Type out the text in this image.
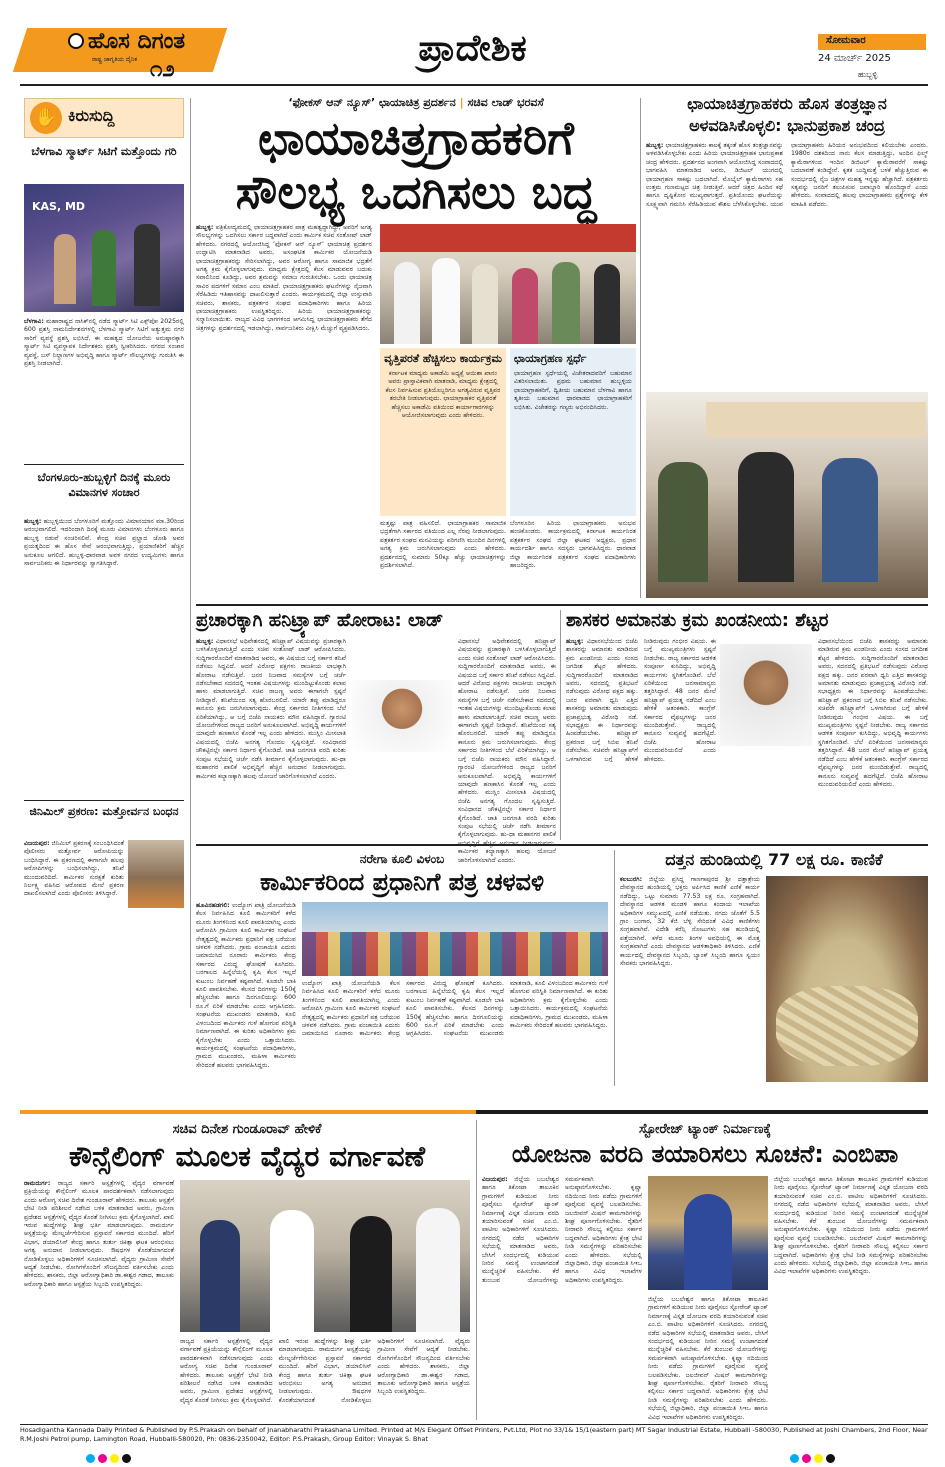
ಹೊಸ ದಿಗಂತ
ರಾಷ್ಟ್ರ ಜಾಗೃತಿಯ ದೈನಿಕ ೧೨
ಪ್ರಾದೇಶಿಕ	ಸೋಮವಾರ
24 ಮಾರ್ಚ್ 2025
ಹುಬ್ಬಳ್ಳಿ
✋ ಕಿರುಸುದ್ದಿ
ಬೆಳಗಾವಿ ಸ್ಮಾರ್ಟ್ ಸಿಟಿಗೆ ಮತ್ತೊಂದು ಗರಿ
KAS, MD
ಬೆಳಗಾವಿ: ಮಹಾರಾಷ್ಟ್ರದ ನಾಸಿಕ್‌ನಲ್ಲಿ ನಡೆದ ಸ್ಮಾರ್ಟ್ ಸಿಟಿ ಎಕ್ಸ್‌ಪೋ 2025ರಲ್ಲಿ 600 ಪ್ರಶಸ್ತಿ ನಾಮನಿರ್ದೇಶನಗಳಲ್ಲಿ ಬೆಳಗಾವಿ ಸ್ಮಾರ್ಟ್ ಸಿಟಿಗೆ ಅತ್ಯುತ್ತಮ ನಗರ ಸಾರಿಗೆ ವ್ಯವಸ್ಥೆ ಪ್ರಶಸ್ತಿ ಲಭಿಸಿದೆ. ಈ ಮಹತ್ವದ ಯೋಜನೆಯ ಅನುಷ್ಠಾನಕ್ಕಾಗಿ ಸ್ಮಾರ್ಟ್ ಸಿಟಿ ವ್ಯವಸ್ಥಾಪಕ ನಿರ್ದೇಶಕರು ಪ್ರಶಸ್ತಿ ಸ್ವೀಕರಿಸಿದರು. ನಗರದ ಸಂಚಾರ ವ್ಯವಸ್ಥೆ, ಬಸ್ ನಿಲ್ದಾಣಗಳ ಅಭಿವೃದ್ಧಿ ಹಾಗೂ ಸ್ಮಾರ್ಟ್ ಸೌಲಭ್ಯಗಳನ್ನು ಗುರುತಿಸಿ ಈ ಪ್ರಶಸ್ತಿ ನೀಡಲಾಗಿದೆ.
ಬೆಂಗಳೂರು-ಹುಬ್ಬಳ್ಳಿಗೆ ದಿನಕ್ಕೆ ಮೂರು ವಿಮಾನಗಳ ಸಂಚಾರ
ಹುಬ್ಬಳ್ಳಿ: ಹುಬ್ಬಳ್ಳಿಯಿಂದ ಬೆಂಗಳೂರಿಗೆ ಮತ್ತೊಂದು ವಿಮಾನಯಾನ ಮಾ.30ರಿಂದ ಆರಂಭವಾಗಲಿದೆ. ಇದರಿಂದಾಗಿ ದಿನಕ್ಕೆ ಮೂರು ವಿಮಾನಗಳು ಬೆಂಗಳೂರು ಹಾಗೂ ಹುಬ್ಬಳ್ಳಿ ನಡುವೆ ಸಂಚರಿಸಲಿವೆ. ಕೇಂದ್ರ ಸಚಿವ ಪ್ರಲ್ಹಾದ ಜೋಶಿ ಅವರ ಪ್ರಯತ್ನದಿಂದ ಈ ಹೊಸ ಸೇವೆ ಆರಂಭವಾಗುತ್ತಿದ್ದು, ಪ್ರಯಾಣಿಕರಿಗೆ ಹೆಚ್ಚಿನ ಅನುಕೂಲ ಆಗಲಿದೆ. ಹುಬ್ಬಳ್ಳಿ-ಧಾರವಾಡ ಅವಳಿ ನಗರದ ಉದ್ಯಮಿಗಳು ಹಾಗೂ ಸಾರ್ವಜನಿಕರು ಈ ನಿರ್ಧಾರವನ್ನು ಸ್ವಾಗತಿಸಿದ್ದಾರೆ.
ಜಿನಿಮಿಲ್ ಪ್ರಕರಣ: ಮತ್ತೋರ್ವನ ಬಂಧನ
ವಿಜಯಪುರ: ಜಿನಿಮಿಲ್ ಪ್ರಕರಣಕ್ಕೆ ಸಂಬಂಧಿಸಿದಂತೆ ಪೊಲೀಸರು ಮತ್ತೋರ್ವ ಆರೋಪಿಯನ್ನು ಬಂಧಿಸಿದ್ದಾರೆ. ಈ ಪ್ರಕರಣದಲ್ಲಿ ಈಗಾಗಲೇ ಹಲವು ಆರೋಪಿಗಳನ್ನು ಬಂಧಿಸಲಾಗಿದ್ದು, ತನಿಖೆ ಮುಂದುವರಿದಿದೆ. ಕಾರ್ಮಿಕರ ಸುರಕ್ಷತೆ ಕುರಿತು ನಿರ್ಲಕ್ಷ್ಯ ವಹಿಸಿದ ಆರೋಪದ ಮೇಲೆ ಪ್ರಕರಣ ದಾಖಲಿಸಲಾಗಿದೆ ಎಂದು ಪೊಲೀಸರು ತಿಳಿಸಿದ್ದಾರೆ.
‘ಫೋಕಸ್ ಆನ್ ನ್ಯೂಸ್’ ಛಾಯಾಚಿತ್ರ ಪ್ರದರ್ಶನ | ಸಚಿವ ಲಾಡ್ ಭರವಸೆ
ಛಾಯಾಚಿತ್ರಗ್ರಾಹಕರಿಗೆ
ಸೌಲಭ್ಯ ಒದಗಿಸಲು ಬದ್ಧ
ಹುಬ್ಬಳ್ಳಿ: ಪತ್ರಿಕೋದ್ಯಮದಲ್ಲಿ ಛಾಯಾಚಿತ್ರಗ್ರಾಹಕರ ಪಾತ್ರ ಮಹತ್ವದ್ದಾಗಿದ್ದು, ಅವರಿಗೆ ಅಗತ್ಯ ಸೌಲಭ್ಯಗಳನ್ನು ಒದಗಿಸಲು ಸರ್ಕಾರ ಬದ್ಧವಾಗಿದೆ ಎಂದು ಕಾರ್ಮಿಕ ಸಚಿವ ಸಂತೋಷ್ ಲಾಡ್ ಹೇಳಿದರು. ನಗರದಲ್ಲಿ ಆಯೋಜಿಸಿದ್ದ ‘ಫೋಕಸ್ ಆನ್ ನ್ಯೂಸ್’ ಛಾಯಾಚಿತ್ರ ಪ್ರದರ್ಶನ ಉದ್ಘಾಟಿಸಿ ಮಾತನಾಡಿದ ಅವರು, ಅಸಂಘಟಿತ ಕಾರ್ಮಿಕರ ಯೋಜನೆಯಡಿ ಛಾಯಾಚಿತ್ರಗ್ರಾಹಕರನ್ನು ಸೇರಿಸಲಾಗಿದ್ದು, ಅವರ ಆರೋಗ್ಯ ಹಾಗೂ ಸಾಮಾಜಿಕ ಭದ್ರತೆಗೆ ಅಗತ್ಯ ಕ್ರಮ ಕೈಗೊಳ್ಳಲಾಗುವುದು. ಮಾಧ್ಯಮ ಕ್ಷೇತ್ರದಲ್ಲಿ ಕೆಲಸ ಮಾಡುವವರ ಬದುಕು ಸವಾಲಿನಿಂದ ಕೂಡಿದ್ದು, ಅವರ ಶ್ರಮವನ್ನು ಸಮಾಜ ಗುರುತಿಸಬೇಕು. ಒಂದು ಛಾಯಾಚಿತ್ರ ಸಾವಿರ ಪದಗಳಿಗೆ ಸಮಾನ ಎಂಬ ಮಾತಿದೆ. ಛಾಯಾಚಿತ್ರಗ್ರಾಹಕರು ಘಟನೆಗಳನ್ನು ನೈಜವಾಗಿ ಸೆರೆಹಿಡಿದು ಇತಿಹಾಸವನ್ನು ದಾಖಲಿಸುತ್ತಾರೆ ಎಂದರು. ಕಾರ್ಯಕ್ರಮದಲ್ಲಿ ಜಿಲ್ಲಾ ಉಸ್ತುವಾರಿ ಸಚಿವರು, ಶಾಸಕರು, ಪತ್ರಕರ್ತರ ಸಂಘದ ಪದಾಧಿಕಾರಿಗಳು ಹಾಗೂ ಹಿರಿಯ ಛಾಯಾಚಿತ್ರಗ್ರಾಹಕರು ಉಪಸ್ಥಿತರಿದ್ದರು. ಹಿರಿಯ ಛಾಯಾಚಿತ್ರಗ್ರಾಹಕರನ್ನು ಸನ್ಮಾನಿಸಲಾಯಿತು. ರಾಜ್ಯದ ವಿವಿಧ ಭಾಗಗಳಿಂದ ಆಗಮಿಸಿದ್ದ ಛಾಯಾಚಿತ್ರಗ್ರಾಹಕರು ತೆಗೆದ ಚಿತ್ರಗಳನ್ನು ಪ್ರದರ್ಶನದಲ್ಲಿ ಇಡಲಾಗಿದ್ದು, ಸಾರ್ವಜನಿಕರು ವೀಕ್ಷಿಸಿ ಮೆಚ್ಚುಗೆ ವ್ಯಕ್ತಪಡಿಸಿದರು.
ವೃತ್ತಿಪರತೆ ಹೆಚ್ಚಿಸಲು ಕಾರ್ಯಕ್ರಮ
ಕರ್ನಾಟಕ ಮಾಧ್ಯಮ ಅಕಾಡೆಮಿ ಅಧ್ಯಕ್ಷೆ ಆಯಿಶಾ ಖಾನಂ ಅವರು ಪ್ರಾಸ್ತಾವಿಕವಾಗಿ ಮಾತನಾಡಿ, ಮಾಧ್ಯಮ ಕ್ಷೇತ್ರದಲ್ಲಿ ಕೆಲಸ ನಿರ್ವಹಿಸುವ ಪ್ರತಿಯೊಬ್ಬರಿಗೂ ಅಗತ್ಯವಿರುವ ವೃತ್ತಿಪರ ತರಬೇತಿ ನೀಡಲಾಗುವುದು. ಛಾಯಾಗ್ರಾಹಕರ ವೃತ್ತಿಪರತೆ ಹೆಚ್ಚಿಸಲು ಅಕಾಡೆಮಿ ವತಿಯಿಂದ ಕಾರ್ಯಾಗಾರಗಳನ್ನು ಆಯೋಜಿಸಲಾಗುವುದು ಎಂದು ಹೇಳಿದರು.
ಛಾಯಾಗ್ರಹಣ ಸ್ಪರ್ಧೆ
ಛಾಯಾಗ್ರಹಣ ಸ್ಪರ್ಧೆಯಲ್ಲಿ ವಿಜೇತರಾದವರಿಗೆ ಬಹುಮಾನ ವಿತರಿಸಲಾಯಿತು. ಪ್ರಥಮ ಬಹುಮಾನ ಹುಬ್ಬಳ್ಳಿಯ ಛಾಯಾಗ್ರಾಹಕರಿಗೆ, ದ್ವಿತೀಯ ಬಹುಮಾನ ಬೆಳಗಾವಿ ಹಾಗೂ ತೃತೀಯ ಬಹುಮಾನ ಧಾರವಾಡದ ಛಾಯಾಗ್ರಾಹಕರಿಗೆ ಲಭಿಸಿತು. ವಿಜೇತರನ್ನು ಗಣ್ಯರು ಅಭಿನಂದಿಸಿದರು.
ಮತ್ತಷ್ಟು ಪಾತ್ರ ವಹಿಸಲಿದೆ. ಛಾಯಾಗ್ರಾಹಕರ ಸಾಮಾಜಿಕ ಭದ್ರತೆಗಾಗಿ ಸರ್ಕಾರದ ವತಿಯಿಂದ ಎಲ್ಲ ನೆರವು ನೀಡಲಾಗುವುದು. ಪತ್ರಕರ್ತರ ಸಂಘದ ಮನವಿಯನ್ನು ಪರಿಗಣಿಸಿ ಮುಂದಿನ ದಿನಗಳಲ್ಲಿ ಅಗತ್ಯ ಕ್ರಮ ಜರುಗಿಸಲಾಗುವುದು ಎಂದು ಹೇಳಿದರು. ಪ್ರದರ್ಶನದಲ್ಲಿ ಸುಮಾರು 50ಕ್ಕೂ ಹೆಚ್ಚು ಛಾಯಾಚಿತ್ರಗಳನ್ನು ಪ್ರದರ್ಶಿಸಲಾಗಿದೆ.
ಬೆಂಗಳೂರಿನ ಹಿರಿಯ ಛಾಯಾಗ್ರಾಹಕರು ಅನುಭವ ಹಂಚಿಕೊಂಡರು. ಕಾರ್ಯಕ್ರಮದಲ್ಲಿ ಕರ್ನಾಟಕ ಕಾರ್ಯನಿರತ ಪತ್ರಕರ್ತರ ಸಂಘದ ಜಿಲ್ಲಾ ಘಟಕದ ಅಧ್ಯಕ್ಷರು, ಪ್ರಧಾನ ಕಾರ್ಯದರ್ಶಿ ಹಾಗೂ ಸದಸ್ಯರು ಭಾಗವಹಿಸಿದ್ದರು. ಧಾರವಾಡ ಜಿಲ್ಲಾ ಕಾರ್ಯನಿರತ ಪತ್ರಕರ್ತರ ಸಂಘದ ಪದಾಧಿಕಾರಿಗಳು ಹಾಜರಿದ್ದರು.
ಛಾಯಾಚಿತ್ರಗ್ರಾಹಕರು ಹೊಸ ತಂತ್ರಜ್ಞಾನ
ಅಳವಡಿಸಿಕೊಳ್ಳಲಿ: ಭಾನುಪ್ರಕಾಶ ಚಂದ್ರ
ಹುಬ್ಬಳ್ಳಿ: ಛಾಯಾಚಿತ್ರಗ್ರಾಹಕರು ಕಾಲಕ್ಕೆ ತಕ್ಕಂತೆ ಹೊಸ ತಂತ್ರಜ್ಞಾನವನ್ನು ಅಳವಡಿಸಿಕೊಳ್ಳಬೇಕು ಎಂದು ಹಿರಿಯ ಛಾಯಾಚಿತ್ರಗ್ರಾಹಕ ಭಾನುಪ್ರಕಾಶ ಚಂದ್ರ ಹೇಳಿದರು. ಪ್ರದರ್ಶನದ ಅಂಗವಾಗಿ ಆಯೋಜಿಸಿದ್ದ ಸಂವಾದದಲ್ಲಿ ಭಾಗವಹಿಸಿ ಮಾತನಾಡಿದ ಅವರು, ಡಿಜಿಟಲ್ ಯುಗದಲ್ಲಿ ಛಾಯಾಗ್ರಹಣ ಸಾಕಷ್ಟು ಬದಲಾಗಿದೆ. ಮೊಬೈಲ್ ಕ್ಯಾಮೆರಾಗಳು ಸಹ ಉತ್ತಮ ಗುಣಮಟ್ಟದ ಚಿತ್ರ ನೀಡುತ್ತಿವೆ. ಆದರೆ ಚಿತ್ರದ ಹಿಂದಿನ ಕಥೆ ಹಾಗೂ ದೃಷ್ಟಿಕೋನ ಮುಖ್ಯವಾಗುತ್ತದೆ. ಪ್ರತಿಯೊಂದು ಘಟನೆಯನ್ನು ಸೂಕ್ಷ್ಮವಾಗಿ ಗಮನಿಸಿ ಸೆರೆಹಿಡಿಯುವ ಕೌಶಲ ಬೆಳೆಸಿಕೊಳ್ಳಬೇಕು. ಯುವ ಛಾಯಾಗ್ರಾಹಕರು ಹಿರಿಯರ ಅನುಭವದಿಂದ ಕಲಿಯಬೇಕು ಎಂದರು. 1980ರ ದಶಕದಿಂದ ನಾನು ಕೆಲಸ ಮಾಡುತ್ತಿದ್ದು, ಅಂದಿನ ಫಿಲ್ಮ್ ಕ್ಯಾಮೆರಾಗಳಿಂದ ಇಂದಿನ ಡಿಜಿಟಲ್ ಕ್ಯಾಮೆರಾವರೆಗೆ ಸಾಕಷ್ಟು ಬದಲಾವಣೆ ಕಂಡಿದ್ದೇನೆ. ಕೃತಕ ಬುದ್ಧಿಮತ್ತೆ ಬಳಕೆ ಹೆಚ್ಚುತ್ತಿರುವ ಈ ಸಂದರ್ಭದಲ್ಲಿ ನೈಜ ಚಿತ್ರಗಳ ಮಹತ್ವ ಇನ್ನಷ್ಟು ಹೆಚ್ಚಾಗಿದೆ. ಪತ್ರಕರ್ತರು ಸತ್ಯವನ್ನು ಜನರಿಗೆ ತಲುಪಿಸುವ ಜವಾಬ್ದಾರಿ ಹೊಂದಿದ್ದಾರೆ ಎಂದು ಹೇಳಿದರು. ಸಂವಾದದಲ್ಲಿ ಹಲವು ಛಾಯಾಗ್ರಾಹಕರು ಪ್ರಶ್ನೆಗಳನ್ನು ಕೇಳಿ ಮಾಹಿತಿ ಪಡೆದರು.
ಪ್ರಚಾರಕ್ಕಾಗಿ ಹನಿಟ್ರ್ಯಾಪ್ ಹೋರಾಟ: ಲಾಡ್
ಹುಬ್ಬಳ್ಳಿ: ವಿಧಾನಸಭೆ ಅಧಿವೇಶನದಲ್ಲಿ ಹನಿಟ್ರ್ಯಾಪ್ ವಿಷಯವನ್ನು ಪ್ರಚಾರಕ್ಕಾಗಿ ಬಳಸಿಕೊಳ್ಳಲಾಗುತ್ತಿದೆ ಎಂದು ಸಚಿವ ಸಂತೋಷ್ ಲಾಡ್ ಆರೋಪಿಸಿದರು. ಸುದ್ದಿಗಾರರೊಂದಿಗೆ ಮಾತನಾಡಿದ ಅವರು, ಈ ವಿಷಯದ ಬಗ್ಗೆ ಸರ್ಕಾರ ತನಿಖೆ ನಡೆಸಲು ಸಿದ್ಧವಿದೆ. ಆದರೆ ವಿರೋಧ ಪಕ್ಷಗಳು ರಾಜಕೀಯ ಲಾಭಕ್ಕಾಗಿ ಹೋರಾಟ ನಡೆಸುತ್ತಿವೆ. ಜನರ ನಿಜವಾದ ಸಮಸ್ಯೆಗಳ ಬಗ್ಗೆ ಚರ್ಚೆ ನಡೆಸಬೇಕಾದ ಸದನದಲ್ಲಿ ಇಂತಹ ವಿಷಯಗಳನ್ನು ಮುಂದಿಟ್ಟುಕೊಂಡು ಕಲಾಪ ಹಾಳು ಮಾಡಲಾಗುತ್ತಿದೆ. ಸಚಿವ ರಾಜಣ್ಣ ಅವರು ಈಗಾಗಲೇ ಸ್ಪಷ್ಟನೆ ನೀಡಿದ್ದಾರೆ. ತನಿಖೆಯಿಂದ ಸತ್ಯ ಹೊರಬರಲಿದೆ. ಯಾರೇ ತಪ್ಪು ಮಾಡಿದ್ದರೂ ಕಾನೂನು ಕ್ರಮ ಜರುಗಿಸಲಾಗುವುದು. ಕೇಂದ್ರ ಸರ್ಕಾರದ ನೀತಿಗಳಿಂದ ಬೆಲೆ ಏರಿಕೆಯಾಗಿದ್ದು, ಆ ಬಗ್ಗೆ ಬಿಜೆಪಿ ನಾಯಕರು ಮೌನ ವಹಿಸಿದ್ದಾರೆ. ಗ್ಯಾರಂಟಿ ಯೋಜನೆಗಳಿಂದ ರಾಜ್ಯದ ಜನರಿಗೆ ಅನುಕೂಲವಾಗಿದೆ. ಅಭಿವೃದ್ಧಿ ಕಾರ್ಯಗಳಿಗೆ ಯಾವುದೇ ಹಣಕಾಸಿನ ಕೊರತೆ ಇಲ್ಲ ಎಂದು ಹೇಳಿದರು. ಮುಸ್ಲಿಂ ಮೀಸಲಾತಿ ವಿಷಯದಲ್ಲಿ ಬಿಜೆಪಿ ಅನಗತ್ಯ ಗೊಂದಲ ಸೃಷ್ಟಿಸುತ್ತಿದೆ. ಸಂವಿಧಾನದ ಚೌಕಟ್ಟಿನಲ್ಲೇ ಸರ್ಕಾರ ನಿರ್ಧಾರ ಕೈಗೊಂಡಿದೆ. ಜಾತಿ ಜನಗಣತಿ ವರದಿ ಕುರಿತು ಸಂಪುಟ ಸಭೆಯಲ್ಲಿ ಚರ್ಚೆ ನಡೆಸಿ ತೀರ್ಮಾನ ಕೈಗೊಳ್ಳಲಾಗುವುದು. ಹು-ಧಾ ಮಹಾನಗರ ಪಾಲಿಕೆ ಅಭಿವೃದ್ಧಿಗೆ ಹೆಚ್ಚಿನ ಅನುದಾನ ನೀಡಲಾಗುವುದು. ಕಾರ್ಮಿಕರ ಕಲ್ಯಾಣಕ್ಕಾಗಿ ಹಲವು ಯೋಜನೆ ಜಾರಿಗೊಳಿಸಲಾಗಿದೆ ಎಂದರು.
ವಿಧಾನಸಭೆ ಅಧಿವೇಶನದಲ್ಲಿ ಹನಿಟ್ರ್ಯಾಪ್ ವಿಷಯವನ್ನು ಪ್ರಚಾರಕ್ಕಾಗಿ ಬಳಸಿಕೊಳ್ಳಲಾಗುತ್ತಿದೆ ಎಂದು ಸಚಿವ ಸಂತೋಷ್ ಲಾಡ್ ಆರೋಪಿಸಿದರು. ಸುದ್ದಿಗಾರರೊಂದಿಗೆ ಮಾತನಾಡಿದ ಅವರು, ಈ ವಿಷಯದ ಬಗ್ಗೆ ಸರ್ಕಾರ ತನಿಖೆ ನಡೆಸಲು ಸಿದ್ಧವಿದೆ. ಆದರೆ ವಿರೋಧ ಪಕ್ಷಗಳು ರಾಜಕೀಯ ಲಾಭಕ್ಕಾಗಿ ಹೋರಾಟ ನಡೆಸುತ್ತಿವೆ. ಜನರ ನಿಜವಾದ ಸಮಸ್ಯೆಗಳ ಬಗ್ಗೆ ಚರ್ಚೆ ನಡೆಸಬೇಕಾದ ಸದನದಲ್ಲಿ ಇಂತಹ ವಿಷಯಗಳನ್ನು ಮುಂದಿಟ್ಟುಕೊಂಡು ಕಲಾಪ ಹಾಳು ಮಾಡಲಾಗುತ್ತಿದೆ. ಸಚಿವ ರಾಜಣ್ಣ ಅವರು ಈಗಾಗಲೇ ಸ್ಪಷ್ಟನೆ ನೀಡಿದ್ದಾರೆ. ತನಿಖೆಯಿಂದ ಸತ್ಯ ಹೊರಬರಲಿದೆ. ಯಾರೇ ತಪ್ಪು ಮಾಡಿದ್ದರೂ ಕಾನೂನು ಕ್ರಮ ಜರುಗಿಸಲಾಗುವುದು. ಕೇಂದ್ರ ಸರ್ಕಾರದ ನೀತಿಗಳಿಂದ ಬೆಲೆ ಏರಿಕೆಯಾಗಿದ್ದು, ಆ ಬಗ್ಗೆ ಬಿಜೆಪಿ ನಾಯಕರು ಮೌನ ವಹಿಸಿದ್ದಾರೆ. ಗ್ಯಾರಂಟಿ ಯೋಜನೆಗಳಿಂದ ರಾಜ್ಯದ ಜನರಿಗೆ ಅನುಕೂಲವಾಗಿದೆ. ಅಭಿವೃದ್ಧಿ ಕಾರ್ಯಗಳಿಗೆ ಯಾವುದೇ ಹಣಕಾಸಿನ ಕೊರತೆ ಇಲ್ಲ ಎಂದು ಹೇಳಿದರು. ಮುಸ್ಲಿಂ ಮೀಸಲಾತಿ ವಿಷಯದಲ್ಲಿ ಬಿಜೆಪಿ ಅನಗತ್ಯ ಗೊಂದಲ ಸೃಷ್ಟಿಸುತ್ತಿದೆ. ಸಂವಿಧಾನದ ಚೌಕಟ್ಟಿನಲ್ಲೇ ಸರ್ಕಾರ ನಿರ್ಧಾರ ಕೈಗೊಂಡಿದೆ. ಜಾತಿ ಜನಗಣತಿ ವರದಿ ಕುರಿತು ಸಂಪುಟ ಸಭೆಯಲ್ಲಿ ಚರ್ಚೆ ನಡೆಸಿ ತೀರ್ಮಾನ ಕೈಗೊಳ್ಳಲಾಗುವುದು. ಹು-ಧಾ ಮಹಾನಗರ ಪಾಲಿಕೆ ಕಾರ್ಮಿಕರ ಕಲ್ಯಾಣಕ್ಕಾಗಿ ಹಲವು ಯೋಜನೆ ಜಾರಿಗೊಳಿಸಲಾಗಿದೆ ಎಂದರು.
ಶಾಸಕರ ಅಮಾನತು ಕ್ರಮ ಖಂಡನೀಯ: ಶೆಟ್ಟರ
ಹುಬ್ಬಳ್ಳಿ: ವಿಧಾನಸಭೆಯಿಂದ ಬಿಜೆಪಿ ಶಾಸಕರನ್ನು ಅಮಾನತು ಮಾಡಿರುವ ಕ್ರಮ ಖಂಡನೀಯ ಎಂದು ಸಂಸದ ಜಗದೀಶ ಶೆಟ್ಟರ ಹೇಳಿದರು. ಸುದ್ದಿಗಾರರೊಂದಿಗೆ ಮಾತನಾಡಿದ ಅವರು, ಸದನದಲ್ಲಿ ಪ್ರತಿಭಟನೆ ನಡೆಸುವುದು ವಿರೋಧ ಪಕ್ಷದ ಹಕ್ಕು. ಜನರ ಪರವಾಗಿ ಧ್ವನಿ ಎತ್ತಿದ ಶಾಸಕರನ್ನು ಅಮಾನತು ಮಾಡುವುದು ಪ್ರಜಾಪ್ರಭುತ್ವ ವಿರೋಧಿ ನಡೆ. ಸಭಾಧ್ಯಕ್ಷರು ಈ ನಿರ್ಧಾರವನ್ನು ಹಿಂಪಡೆಯಬೇಕು. ಹನಿಟ್ರ್ಯಾಪ್ ಪ್ರಕರಣದ ಬಗ್ಗೆ ಸಿಬಿಐ ತನಿಖೆ ನಡೆಸಬೇಕು. ಸಚಿವರೇ ಹನಿಟ್ರ್ಯಾಪ್‌ಗೆ ಒಳಗಾಗಿರುವ ಬಗ್ಗೆ ಹೇಳಿಕೆ ನೀಡಿರುವುದು ಗಂಭೀರ ವಿಷಯ. ಈ ಬಗ್ಗೆ ಮುಖ್ಯಮಂತ್ರಿಗಳು ಸ್ಪಷ್ಟನೆ ನೀಡಬೇಕು. ರಾಜ್ಯ ಸರ್ಕಾರದ ಆಡಳಿತ ಸಂಪೂರ್ಣ ಕುಸಿದಿದ್ದು, ಅಭಿವೃದ್ಧಿ ಕಾರ್ಯಗಳು ಸ್ಥಗಿತಗೊಂಡಿವೆ. ಬೆಲೆ ಏರಿಕೆಯಿಂದ ಜನಸಾಮಾನ್ಯರು ತತ್ತರಿಸಿದ್ದಾರೆ. 48 ಜನರ ಮೇಲೆ ಹನಿಟ್ರ್ಯಾಪ್ ಪ್ರಯತ್ನ ನಡೆದಿದೆ ಎಂಬ ಹೇಳಿಕೆ ಆತಂಕಕಾರಿ. ಕಾಂಗ್ರೆಸ್ ಸರ್ಕಾರದ ವೈಫಲ್ಯಗಳನ್ನು ಜನರ ಮುಂದಿಡುತ್ತೇವೆ. ರಾಜ್ಯದಲ್ಲಿ ಕಾನೂನು ಸುವ್ಯವಸ್ಥೆ ಹದಗೆಟ್ಟಿದೆ. ಬಿಜೆಪಿ ಹೋರಾಟ ಮುಂದುವರಿಯಲಿದೆ ಎಂದು ಹೇಳಿದರು.
ವಿಧಾನಸಭೆಯಿಂದ ಬಿಜೆಪಿ ಶಾಸಕರನ್ನು ಅಮಾನತು ಮಾಡಿರುವ ಕ್ರಮ ಖಂಡನೀಯ ಎಂದು ಸಂಸದ ಜಗದೀಶ ಶೆಟ್ಟರ ಹೇಳಿದರು. ಸುದ್ದಿಗಾರರೊಂದಿಗೆ ಮಾತನಾಡಿದ ಅವರು, ಸದನದಲ್ಲಿ ಪ್ರತಿಭಟನೆ ನಡೆಸುವುದು ವಿರೋಧ ಪಕ್ಷದ ಹಕ್ಕು. ಜನರ ಪರವಾಗಿ ಧ್ವನಿ ಎತ್ತಿದ ಶಾಸಕರನ್ನು ಅಮಾನತು ಮಾಡುವುದು ಪ್ರಜಾಪ್ರಭುತ್ವ ವಿರೋಧಿ ನಡೆ. ಸಭಾಧ್ಯಕ್ಷರು ಈ ನಿರ್ಧಾರವನ್ನು ಹಿಂಪಡೆಯಬೇಕು. ಹನಿಟ್ರ್ಯಾಪ್ ಪ್ರಕರಣದ ಬಗ್ಗೆ ಸಿಬಿಐ ತನಿಖೆ ನಡೆಸಬೇಕು. ಸಚಿವರೇ ಹನಿಟ್ರ್ಯಾಪ್‌ಗೆ ಒಳಗಾಗಿರುವ ಬಗ್ಗೆ ಹೇಳಿಕೆ ನೀಡಿರುವುದು ಗಂಭೀರ ವಿಷಯ. ಈ ಬಗ್ಗೆ ಮುಖ್ಯಮಂತ್ರಿಗಳು ಸ್ಪಷ್ಟನೆ ನೀಡಬೇಕು. ರಾಜ್ಯ ಸರ್ಕಾರದ ಆಡಳಿತ ಸಂಪೂರ್ಣ ಕುಸಿದಿದ್ದು, ಅಭಿವೃದ್ಧಿ ಕಾರ್ಯಗಳು ಸ್ಥಗಿತಗೊಂಡಿವೆ. ಬೆಲೆ ಏರಿಕೆಯಿಂದ ಜನಸಾಮಾನ್ಯರು ತತ್ತರಿಸಿದ್ದಾರೆ. 48 ಜನರ ಮೇಲೆ ಹನಿಟ್ರ್ಯಾಪ್ ಪ್ರಯತ್ನ ನಡೆದಿದೆ ಎಂಬ ಹೇಳಿಕೆ ಆತಂಕಕಾರಿ. ಕಾಂಗ್ರೆಸ್ ಸರ್ಕಾರದ ವೈಫಲ್ಯಗಳನ್ನು ಜನರ ಮುಂದಿಡುತ್ತೇವೆ. ರಾಜ್ಯದಲ್ಲಿ ಕಾನೂನು ಸುವ್ಯವಸ್ಥೆ ಹದಗೆಟ್ಟಿದೆ. ಬಿಜೆಪಿ ಹೋರಾಟ ಮುಂದುವರಿಯಲಿದೆ ಎಂದು ಹೇಳಿದರು.
ನರೇಗಾ ಕೂಲಿ ವಿಳಂಬ
ಕಾರ್ಮಿಕರಿಂದ ಪ್ರಧಾನಿಗೆ ಪತ್ರ ಚಳವಳಿ
ಹೂವಿನಹಡಗಲಿ: ಉದ್ಯೋಗ ಖಾತ್ರಿ ಯೋಜನೆಯಡಿ ಕೆಲಸ ನಿರ್ವಹಿಸಿದ ಕೂಲಿ ಕಾರ್ಮಿಕರಿಗೆ ಕಳೆದ ಮೂರು ತಿಂಗಳಿನಿಂದ ಕೂಲಿ ಪಾವತಿಯಾಗಿಲ್ಲ ಎಂದು ಆರೋಪಿಸಿ ಗ್ರಾಮೀಣ ಕೂಲಿ ಕಾರ್ಮಿಕರ ಸಂಘಟನೆ ನೇತೃತ್ವದಲ್ಲಿ ಕಾರ್ಮಿಕರು ಪ್ರಧಾನಿಗೆ ಪತ್ರ ಬರೆಯುವ ಚಳವಳಿ ನಡೆಸಿದರು. ಗ್ರಾಮ ಪಂಚಾಯಿತಿ ಎದುರು ಜಮಾಯಿಸಿದ ನೂರಾರು ಕಾರ್ಮಿಕರು ಕೇಂದ್ರ ಸರ್ಕಾರದ ವಿರುದ್ಧ ಘೋಷಣೆ ಕೂಗಿದರು. ಬರಗಾಲದ ಹಿನ್ನೆಲೆಯಲ್ಲಿ ಕೃಷಿ ಕೆಲಸ ಇಲ್ಲದೆ ಕುಟುಂಬ ನಿರ್ವಹಣೆ ಕಷ್ಟವಾಗಿದೆ. ಕೂಡಲೇ ಬಾಕಿ ಕೂಲಿ ಪಾವತಿಸಬೇಕು. ಕೆಲಸದ ದಿನಗಳನ್ನು 150ಕ್ಕೆ ಹೆಚ್ಚಿಸಬೇಕು ಹಾಗೂ ದಿನಗೂಲಿಯನ್ನು 600 ರೂ.ಗೆ ಏರಿಕೆ ಮಾಡಬೇಕು ಎಂದು ಆಗ್ರಹಿಸಿದರು. ಸಂಘಟನೆಯ ಮುಖಂಡರು ಮಾತನಾಡಿ, ಕೂಲಿ ವಿಳಂಬದಿಂದ ಕಾರ್ಮಿಕರು ಗುಳೆ ಹೋಗುವ ಪರಿಸ್ಥಿತಿ ನಿರ್ಮಾಣವಾಗಿದೆ. ಈ ಕುರಿತು ಅಧಿಕಾರಿಗಳು ಕ್ರಮ ಕೈಗೊಳ್ಳಬೇಕು ಎಂದು ಒತ್ತಾಯಿಸಿದರು. ಕಾರ್ಯಕ್ರಮದಲ್ಲಿ ಸಂಘಟನೆಯ ಪದಾಧಿಕಾರಿಗಳು, ಗ್ರಾಮದ ಮುಖಂಡರು, ಮಹಿಳಾ ಕಾರ್ಮಿಕರು ಸೇರಿದಂತೆ ಹಲವರು ಭಾಗವಹಿಸಿದ್ದರು.
ಉದ್ಯೋಗ ಖಾತ್ರಿ ಯೋಜನೆಯಡಿ ಕೆಲಸ ನಿರ್ವಹಿಸಿದ ಕೂಲಿ ಕಾರ್ಮಿಕರಿಗೆ ಕಳೆದ ಮೂರು ತಿಂಗಳಿನಿಂದ ಕೂಲಿ ಪಾವತಿಯಾಗಿಲ್ಲ ಎಂದು ಆರೋಪಿಸಿ ಗ್ರಾಮೀಣ ಕೂಲಿ ಕಾರ್ಮಿಕರ ಸಂಘಟನೆ ನೇತೃತ್ವದಲ್ಲಿ ಕಾರ್ಮಿಕರು ಪ್ರಧಾನಿಗೆ ಪತ್ರ ಬರೆಯುವ ಚಳವಳಿ ನಡೆಸಿದರು. ಗ್ರಾಮ ಪಂಚಾಯಿತಿ ಎದುರು ಜಮಾಯಿಸಿದ ನೂರಾರು ಕಾರ್ಮಿಕರು ಕೇಂದ್ರ ಸರ್ಕಾರದ ವಿರುದ್ಧ ಘೋಷಣೆ ಕೂಗಿದರು. ಬರಗಾಲದ ಹಿನ್ನೆಲೆಯಲ್ಲಿ ಕೃಷಿ ಕೆಲಸ ಇಲ್ಲದೆ ಕುಟುಂಬ ನಿರ್ವಹಣೆ ಕಷ್ಟವಾಗಿದೆ. ಕೂಡಲೇ ಬಾಕಿ ಕೂಲಿ ಪಾವತಿಸಬೇಕು. ಕೆಲಸದ ದಿನಗಳನ್ನು 150ಕ್ಕೆ ಹೆಚ್ಚಿಸಬೇಕು ಹಾಗೂ ದಿನಗೂಲಿಯನ್ನು 600 ರೂ.ಗೆ ಏರಿಕೆ ಮಾಡಬೇಕು ಎಂದು ಆಗ್ರಹಿಸಿದರು. ಸಂಘಟನೆಯ ಮುಖಂಡರು ಮಾತನಾಡಿ, ಕೂಲಿ ವಿಳಂಬದಿಂದ ಕಾರ್ಮಿಕರು ಗುಳೆ ಹೋಗುವ ಪರಿಸ್ಥಿತಿ ನಿರ್ಮಾಣವಾಗಿದೆ. ಈ ಕುರಿತು ಅಧಿಕಾರಿಗಳು ಕ್ರಮ ಕೈಗೊಳ್ಳಬೇಕು ಎಂದು ಒತ್ತಾಯಿಸಿದರು. ಕಾರ್ಯಕ್ರಮದಲ್ಲಿ ಸಂಘಟನೆಯ ಪದಾಧಿಕಾರಿಗಳು, ಗ್ರಾಮದ ಮುಖಂಡರು, ಮಹಿಳಾ ಕಾರ್ಮಿಕರು ಸೇರಿದಂತೆ ಹಲವರು ಭಾಗವಹಿಸಿದ್ದರು.
ದತ್ತನ ಹುಂಡಿಯಲ್ಲಿ 77 ಲಕ್ಷ ರೂ. ಕಾಣಿಕೆ
ಕಲಬುರಗಿ: ಜಿಲ್ಲೆಯ ಪ್ರಸಿದ್ಧ ಗಾಣಗಾಪುರದ ಶ್ರೀ ದತ್ತಾತ್ರೇಯ ದೇವಸ್ಥಾನದ ಹುಂಡಿಯಲ್ಲಿ ಭಕ್ತರು ಅರ್ಪಿಸಿದ ಕಾಣಿಕೆ ಎಣಿಕೆ ಕಾರ್ಯ ನಡೆದಿದ್ದು, ಒಟ್ಟು ಸುಮಾರು 77.53 ಲಕ್ಷ ರೂ. ಸಂಗ್ರಹವಾಗಿದೆ. ದೇವಸ್ಥಾನದ ಆಡಳಿತ ಮಂಡಳಿ ಹಾಗೂ ಕಂದಾಯ ಇಲಾಖೆಯ ಅಧಿಕಾರಿಗಳ ಸಮ್ಮುಖದಲ್ಲಿ ಎಣಿಕೆ ನಡೆಯಿತು. ನಗದು ಜೊತೆಗೆ 5.5 ಗ್ರಾಂ ಬಂಗಾರ, 32 ಕೆಜಿ ಬೆಳ್ಳಿ ಸೇರಿದಂತೆ ವಿವಿಧ ಕಾಣಿಕೆಗಳು ಸಂಗ್ರಹವಾಗಿವೆ. ವಿದೇಶಿ ಕರೆನ್ಸಿ ನೋಟುಗಳು ಸಹ ಹುಂಡಿಯಲ್ಲಿ ಪತ್ತೆಯಾಗಿವೆ. ಕಳೆದ ಮೂರು ತಿಂಗಳ ಅವಧಿಯಲ್ಲಿ ಈ ಮೊತ್ತ ಸಂಗ್ರಹವಾಗಿದೆ ಎಂದು ದೇವಸ್ಥಾನದ ಆಡಳಿತಾಧಿಕಾರಿ ತಿಳಿಸಿದರು. ಎಣಿಕೆ ಕಾರ್ಯದಲ್ಲಿ ದೇವಸ್ಥಾನದ ಸಿಬ್ಬಂದಿ, ಬ್ಯಾಂಕ್ ಸಿಬ್ಬಂದಿ ಹಾಗೂ ಸ್ವಯಂ ಸೇವಕರು ಭಾಗವಹಿಸಿದ್ದರು.
ಸಚಿವ ದಿನೇಶ ಗುಂಡೂರಾವ್ ಹೇಳಿಕೆ
ಕೌನ್ಸೆಲಿಂಗ್ ಮೂಲಕ ವೈದ್ಯರ ವರ್ಗಾವಣೆ
ರಾಮದುರ್ಗ: ರಾಜ್ಯದ ಸರ್ಕಾರಿ ಆಸ್ಪತ್ರೆಗಳಲ್ಲಿ ವೈದ್ಯರ ವರ್ಗಾವಣೆ ಪ್ರಕ್ರಿಯೆಯನ್ನು ಕೌನ್ಸೆಲಿಂಗ್ ಮೂಲಕ ಪಾರದರ್ಶಕವಾಗಿ ನಡೆಸಲಾಗುವುದು ಎಂದು ಆರೋಗ್ಯ ಸಚಿವ ದಿನೇಶ ಗುಂಡೂರಾವ್ ಹೇಳಿದರು. ತಾಲೂಕು ಆಸ್ಪತ್ರೆಗೆ ಭೇಟಿ ನೀಡಿ ಪರಿಶೀಲನೆ ನಡೆಸಿದ ಬಳಿಕ ಮಾತನಾಡಿದ ಅವರು, ಗ್ರಾಮೀಣ ಪ್ರದೇಶದ ಆಸ್ಪತ್ರೆಗಳಲ್ಲಿ ವೈದ್ಯರ ಕೊರತೆ ನೀಗಿಸಲು ಕ್ರಮ ಕೈಗೊಳ್ಳಲಾಗಿದೆ. ಖಾಲಿ ಇರುವ ಹುದ್ದೆಗಳನ್ನು ಶೀಘ್ರ ಭರ್ತಿ ಮಾಡಲಾಗುವುದು. ರಾಮದುರ್ಗ ಆಸ್ಪತ್ರೆಯನ್ನು ಮೇಲ್ದರ್ಜೆಗೇರಿಸುವ ಪ್ರಸ್ತಾವನೆ ಸರ್ಕಾರದ ಮುಂದಿದೆ. ಹೆರಿಗೆ ವಿಭಾಗ, ಡಯಾಲಿಸಿಸ್ ಕೇಂದ್ರ ಹಾಗೂ ತುರ್ತು ಚಿಕಿತ್ಸಾ ಘಟಕ ಆರಂಭಿಸಲು ಅಗತ್ಯ ಅನುದಾನ ನೀಡಲಾಗುವುದು. ಔಷಧಗಳ ಕೊರತೆಯಾಗದಂತೆ ನೋಡಿಕೊಳ್ಳಲು ಅಧಿಕಾರಿಗಳಿಗೆ ಸೂಚಿಸಲಾಗಿದೆ. ವೈದ್ಯರು ಗ್ರಾಮೀಣ ಸೇವೆಗೆ ಆದ್ಯತೆ ನೀಡಬೇಕು. ರೋಗಿಗಳೊಂದಿಗೆ ಸೌಜನ್ಯದಿಂದ ವರ್ತಿಸಬೇಕು ಎಂದು ಹೇಳಿದರು. ಶಾಸಕರು, ಜಿಲ್ಲಾ ಆರೋಗ್ಯಾಧಿಕಾರಿ ಡಾ.ಈಶ್ವರ ಗಡಾದ, ತಾಲೂಕು ಆರೋಗ್ಯಾಧಿಕಾರಿ ಹಾಗೂ ಆಸ್ಪತ್ರೆಯ ಸಿಬ್ಬಂದಿ ಉಪಸ್ಥಿತರಿದ್ದರು.
ರಾಜ್ಯದ ಸರ್ಕಾರಿ ಆಸ್ಪತ್ರೆಗಳಲ್ಲಿ ವೈದ್ಯರ ವರ್ಗಾವಣೆ ಪ್ರಕ್ರಿಯೆಯನ್ನು ಕೌನ್ಸೆಲಿಂಗ್ ಮೂಲಕ ಪಾರದರ್ಶಕವಾಗಿ ನಡೆಸಲಾಗುವುದು ಎಂದು ಆರೋಗ್ಯ ಸಚಿವ ದಿನೇಶ ಗುಂಡೂರಾವ್ ಹೇಳಿದರು. ತಾಲೂಕು ಆಸ್ಪತ್ರೆಗೆ ಭೇಟಿ ನೀಡಿ ಪರಿಶೀಲನೆ ನಡೆಸಿದ ಬಳಿಕ ಮಾತನಾಡಿದ ಅವರು, ಗ್ರಾಮೀಣ ಪ್ರದೇಶದ ಆಸ್ಪತ್ರೆಗಳಲ್ಲಿ ವೈದ್ಯರ ಕೊರತೆ ನೀಗಿಸಲು ಕ್ರಮ ಕೈಗೊಳ್ಳಲಾಗಿದೆ. ಖಾಲಿ ಇರುವ ಹುದ್ದೆಗಳನ್ನು ಶೀಘ್ರ ಭರ್ತಿ ಮಾಡಲಾಗುವುದು. ರಾಮದುರ್ಗ ಆಸ್ಪತ್ರೆಯನ್ನು ಮೇಲ್ದರ್ಜೆಗೇರಿಸುವ ಪ್ರಸ್ತಾವನೆ ಸರ್ಕಾರದ ಮುಂದಿದೆ. ಹೆರಿಗೆ ವಿಭಾಗ, ಡಯಾಲಿಸಿಸ್ ಕೇಂದ್ರ ಹಾಗೂ ತುರ್ತು ಚಿಕಿತ್ಸಾ ಘಟಕ ಆರಂಭಿಸಲು ಅಗತ್ಯ ಅನುದಾನ ನೀಡಲಾಗುವುದು. ಔಷಧಗಳ ಕೊರತೆಯಾಗದಂತೆ ನೋಡಿಕೊಳ್ಳಲು ಅಧಿಕಾರಿಗಳಿಗೆ ಸೂಚಿಸಲಾಗಿದೆ. ವೈದ್ಯರು ಗ್ರಾಮೀಣ ಸೇವೆಗೆ ಆದ್ಯತೆ ನೀಡಬೇಕು. ರೋಗಿಗಳೊಂದಿಗೆ ಸೌಜನ್ಯದಿಂದ ವರ್ತಿಸಬೇಕು ಎಂದು ಹೇಳಿದರು. ಶಾಸಕರು, ಜಿಲ್ಲಾ ಆರೋಗ್ಯಾಧಿಕಾರಿ ಡಾ.ಈಶ್ವರ ಗಡಾದ, ತಾಲೂಕು ಆರೋಗ್ಯಾಧಿಕಾರಿ ಹಾಗೂ ಆಸ್ಪತ್ರೆಯ ಸಿಬ್ಬಂದಿ ಉಪಸ್ಥಿತರಿದ್ದರು.
ಸ್ಟೋರೇಜ್ ಟ್ಯಾಂಕ್ ನಿರ್ಮಾಣಕ್ಕೆ
ಯೋಜನಾ ವರದಿ ತಯಾರಿಸಲು ಸೂಚನೆ: ಎಂಬಿಪಾ
ವಿಜಯಪುರ: ಜಿಲ್ಲೆಯ ಬಬಲೇಶ್ವರ ಹಾಗೂ ತಿಕೋಟಾ ತಾಲೂಕಿನ ಗ್ರಾಮಗಳಿಗೆ ಕುಡಿಯುವ ನೀರು ಪೂರೈಸಲು ಸ್ಟೋರೇಜ್ ಟ್ಯಾಂಕ್ ನಿರ್ಮಾಣಕ್ಕೆ ವಿಸ್ತೃತ ಯೋಜನಾ ವರದಿ ತಯಾರಿಸುವಂತೆ ಸಚಿವ ಎಂ.ಬಿ. ಪಾಟೀಲ ಅಧಿಕಾರಿಗಳಿಗೆ ಸೂಚಿಸಿದರು. ನಗರದಲ್ಲಿ ನಡೆದ ಅಧಿಕಾರಿಗಳ ಸಭೆಯಲ್ಲಿ ಮಾತನಾಡಿದ ಅವರು, ಬೇಸಿಗೆ ಸಂದರ್ಭದಲ್ಲಿ ಕುಡಿಯುವ ನೀರಿನ ಸಮಸ್ಯೆ ಉಂಟಾಗದಂತೆ ಮುನ್ನೆಚ್ಚರಿಕೆ ವಹಿಸಬೇಕು. ಕೆರೆ ತುಂಬುವ ಯೋಜನೆಗಳನ್ನು ಸಮರ್ಪಕವಾಗಿ ಅನುಷ್ಠಾನಗೊಳಿಸಬೇಕು. ಕೃಷ್ಣಾ ನದಿಯಿಂದ ನೀರು ಪಡೆದು ಗ್ರಾಮಗಳಿಗೆ ಪೂರೈಸುವ ವ್ಯವಸ್ಥೆ ಬಲಪಡಿಸಬೇಕು. ಜಲಜೀವನ್ ಮಿಷನ್ ಕಾಮಗಾರಿಗಳನ್ನು ಶೀಘ್ರ ಪೂರ್ಣಗೊಳಿಸಬೇಕು. ರೈತರಿಗೆ ನೀರಾವರಿ ಸೌಲಭ್ಯ ಕಲ್ಪಿಸಲು ಸರ್ಕಾರ ಬದ್ಧವಾಗಿದೆ. ಅಧಿಕಾರಿಗಳು ಕ್ಷೇತ್ರ ಭೇಟಿ ನೀಡಿ ಸಮಸ್ಯೆಗಳನ್ನು ಪರಿಹರಿಸಬೇಕು ಎಂದು ಹೇಳಿದರು. ಸಭೆಯಲ್ಲಿ ಜಿಲ್ಲಾಧಿಕಾರಿ, ಜಿಲ್ಲಾ ಪಂಚಾಯಿತಿ ಸಿಇಒ ಹಾಗೂ ವಿವಿಧ ಇಲಾಖೆಗಳ ಅಧಿಕಾರಿಗಳು ಉಪಸ್ಥಿತರಿದ್ದರು.
ಜಿಲ್ಲೆಯ ಬಬಲೇಶ್ವರ ಹಾಗೂ ತಿಕೋಟಾ ತಾಲೂಕಿನ ಗ್ರಾಮಗಳಿಗೆ ಕುಡಿಯುವ ನೀರು ಪೂರೈಸಲು ಸ್ಟೋರೇಜ್ ಟ್ಯಾಂಕ್ ನಿರ್ಮಾಣಕ್ಕೆ ವಿಸ್ತೃತ ಯೋಜನಾ ವರದಿ ತಯಾರಿಸುವಂತೆ ಸಚಿವ ಎಂ.ಬಿ. ಪಾಟೀಲ ಅಧಿಕಾರಿಗಳಿಗೆ ಸೂಚಿಸಿದರು. ನಗರದಲ್ಲಿ ನಡೆದ ಅಧಿಕಾರಿಗಳ ಸಭೆಯಲ್ಲಿ ಮಾತನಾಡಿದ ಅವರು, ಬೇಸಿಗೆ ಸಂದರ್ಭದಲ್ಲಿ ಕುಡಿಯುವ ನೀರಿನ ಸಮಸ್ಯೆ ಉಂಟಾಗದಂತೆ ಮುನ್ನೆಚ್ಚರಿಕೆ ವಹಿಸಬೇಕು. ಕೆರೆ ತುಂಬುವ ಯೋಜನೆಗಳನ್ನು ಸಮರ್ಪಕವಾಗಿ ಅನುಷ್ಠಾನಗೊಳಿಸಬೇಕು. ಕೃಷ್ಣಾ ನದಿಯಿಂದ ನೀರು ಪಡೆದು ಗ್ರಾಮಗಳಿಗೆ ಪೂರೈಸುವ ವ್ಯವಸ್ಥೆ ಬಲಪಡಿಸಬೇಕು. ಜಲಜೀವನ್ ಮಿಷನ್ ಕಾಮಗಾರಿಗಳನ್ನು ಶೀಘ್ರ ಪೂರ್ಣಗೊಳಿಸಬೇಕು. ರೈತರಿಗೆ ನೀರಾವರಿ ಸೌಲಭ್ಯ ಕಲ್ಪಿಸಲು ಸರ್ಕಾರ ಬದ್ಧವಾಗಿದೆ. ಅಧಿಕಾರಿಗಳು ಕ್ಷೇತ್ರ ಭೇಟಿ ನೀಡಿ ಸಮಸ್ಯೆಗಳನ್ನು ಪರಿಹರಿಸಬೇಕು ಎಂದು ಹೇಳಿದರು. ಸಭೆಯಲ್ಲಿ ಜಿಲ್ಲಾಧಿಕಾರಿ, ಜಿಲ್ಲಾ ಪಂಚಾಯಿತಿ ಸಿಇಒ ಹಾಗೂ ವಿವಿಧ ಇಲಾಖೆಗಳ ಅಧಿಕಾರಿಗಳು ಉಪಸ್ಥಿತರಿದ್ದರು.
ಜಿಲ್ಲೆಯ ಬಬಲೇಶ್ವರ ಹಾಗೂ ತಿಕೋಟಾ ತಾಲೂಕಿನ ಗ್ರಾಮಗಳಿಗೆ ಕುಡಿಯುವ ನೀರು ಪೂರೈಸಲು ಸ್ಟೋರೇಜ್ ಟ್ಯಾಂಕ್ ನಿರ್ಮಾಣಕ್ಕೆ ವಿಸ್ತೃತ ಯೋಜನಾ ವರದಿ ತಯಾರಿಸುವಂತೆ ಸಚಿವ ಎಂ.ಬಿ. ಪಾಟೀಲ ಅಧಿಕಾರಿಗಳಿಗೆ ಸೂಚಿಸಿದರು. ನಗರದಲ್ಲಿ ನಡೆದ ಅಧಿಕಾರಿಗಳ ಸಭೆಯಲ್ಲಿ ಮಾತನಾಡಿದ ಅವರು, ಬೇಸಿಗೆ ಸಂದರ್ಭದಲ್ಲಿ ಕುಡಿಯುವ ನೀರಿನ ಸಮಸ್ಯೆ ಉಂಟಾಗದಂತೆ ಮುನ್ನೆಚ್ಚರಿಕೆ ವಹಿಸಬೇಕು. ಕೆರೆ ತುಂಬುವ ಯೋಜನೆಗಳನ್ನು ಸಮರ್ಪಕವಾಗಿ ಅನುಷ್ಠಾನಗೊಳಿಸಬೇಕು. ಕೃಷ್ಣಾ ನದಿಯಿಂದ ನೀರು ಪಡೆದು ಗ್ರಾಮಗಳಿಗೆ ಪೂರೈಸುವ ವ್ಯವಸ್ಥೆ ಬಲಪಡಿಸಬೇಕು. ಜಲಜೀವನ್ ಮಿಷನ್ ಕಾಮಗಾರಿಗಳನ್ನು ಶೀಘ್ರ ಪೂರ್ಣಗೊಳಿಸಬೇಕು. ರೈತರಿಗೆ ನೀರಾವರಿ ಸೌಲಭ್ಯ ಕಲ್ಪಿಸಲು ಸರ್ಕಾರ ಬದ್ಧವಾಗಿದೆ. ಅಧಿಕಾರಿಗಳು ಕ್ಷೇತ್ರ ಭೇಟಿ ನೀಡಿ ಸಮಸ್ಯೆಗಳನ್ನು ಪರಿಹರಿಸಬೇಕು ಎಂದು ಹೇಳಿದರು. ಸಭೆಯಲ್ಲಿ ಜಿಲ್ಲಾಧಿಕಾರಿ, ಜಿಲ್ಲಾ ಪಂಚಾಯಿತಿ ಸಿಇಒ ಹಾಗೂ ವಿವಿಧ ಇಲಾಖೆಗಳ ಅಧಿಕಾರಿಗಳು ಉಪಸ್ಥಿತರಿದ್ದರು.
Hosadigantha Kannada Daily Printed & Published by P.S.Prakash on behalf of Jnanabharathi Prakashana Limited. Printed at M/s Elegant Offset Printers, Pvt.Ltd, Plot no 33/1& 15/1(eastern part) MT Sagar Industrial Estate, Hubballi -580030, Published at Joshi Chambers, 2nd Floor, Near R.M.Joshi Petrol pump, Lamington Road, Hubballi-580020, Ph: 0836-2350042, Editor: P.S.Prakash, Group Editor: Vinayak S. Bhat
